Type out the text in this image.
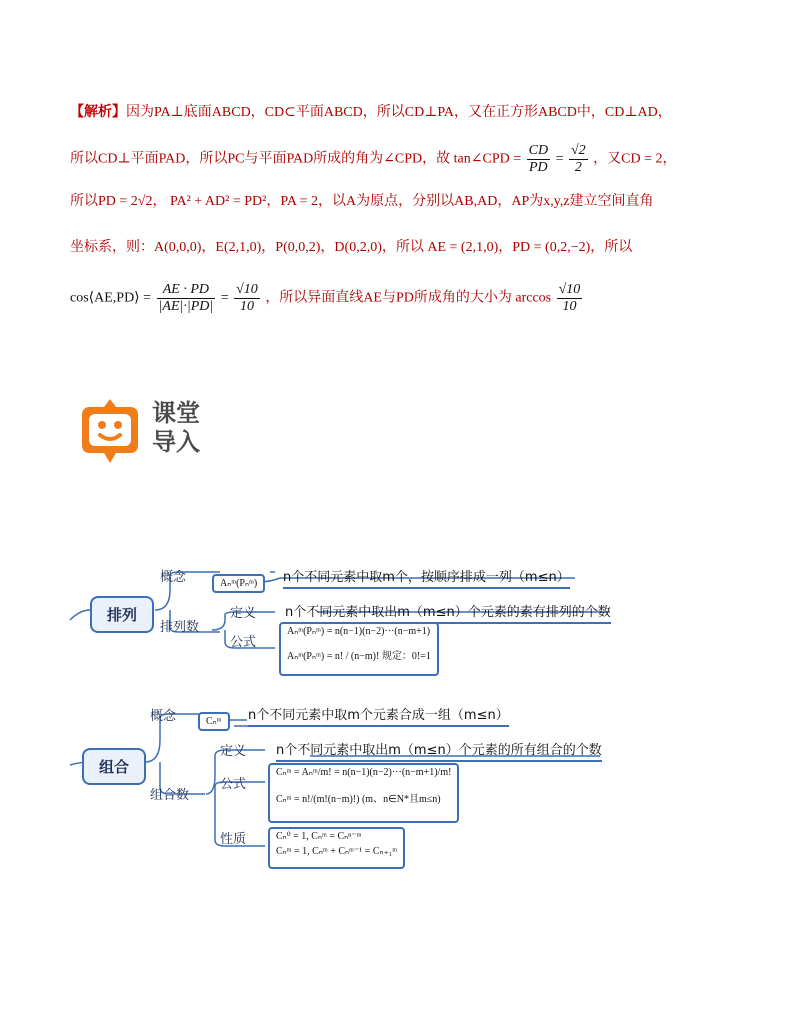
【解析】因为PA⊥底面ABCD，CD⊂平面ABCD，所以CD⊥PA，又在正方形ABCD中，CD⊥AD，
所以CD⊥平面PAD，所以PC与平面PAD所成的角为∠CPD，故 tan∠CPD = $\frac{CD}{PD} = \frac{√2}{2}$ ，又CD = 2，
所以PD = 2√2， PA² + AD² = PD²，PA = 2，以A为原点，分别以AB,AD，AP为x,y,z建立空间直角
坐标系，则：A(0,0,0)，E(2,1,0)，P(0,0,2)，D(0,2,0)，所以 AE = (2,1,0)，PD = (0,2,−2)，所以
cos⟨AE,PD⟩ = $\frac{AE \cdot PD}{|AE|\cdot|PD|} = \frac{√10}{10}$ ，所以异面直线AE与PD所成角的大小为 $\arccos \frac{√10}{10}$
课堂
导入
排列
概念	Aₙᵐ(Pₙᵐ)	n个不同元素中取m个，按顺序排成一列（m≤n）
排列数
定义 n个不同元素中取出m（m≤n）个元素的素有排列的个数
公式
Aₙᵐ(Pₙᵐ) = n(n−1)(n−2)···(n−m+1)
Aₙᵐ(Pₙᵐ) = n! / (n−m)! 规定：0!=1
组合
概念	Cₙᵐ	n个不同元素中取m个元素合成一组（m≤n）
组合数
定义 n个不同元素中取出m（m≤n）个元素的所有组合的个数
公式
Cₙᵐ = Aₙᵐ/m! = n(n−1)(n−2)···(n−m+1)/m!
Cₙᵐ = n!/(m!(n−m)!) (m、n∈N*且m≤n)
性质	Cₙ⁰ = 1, Cₙᵐ = Cₙⁿ⁻ᵐ
Cₙᵐ = 1, Cₙᵐ + Cₙᵐ⁻¹ = Cₙ₊₁ᵐ
